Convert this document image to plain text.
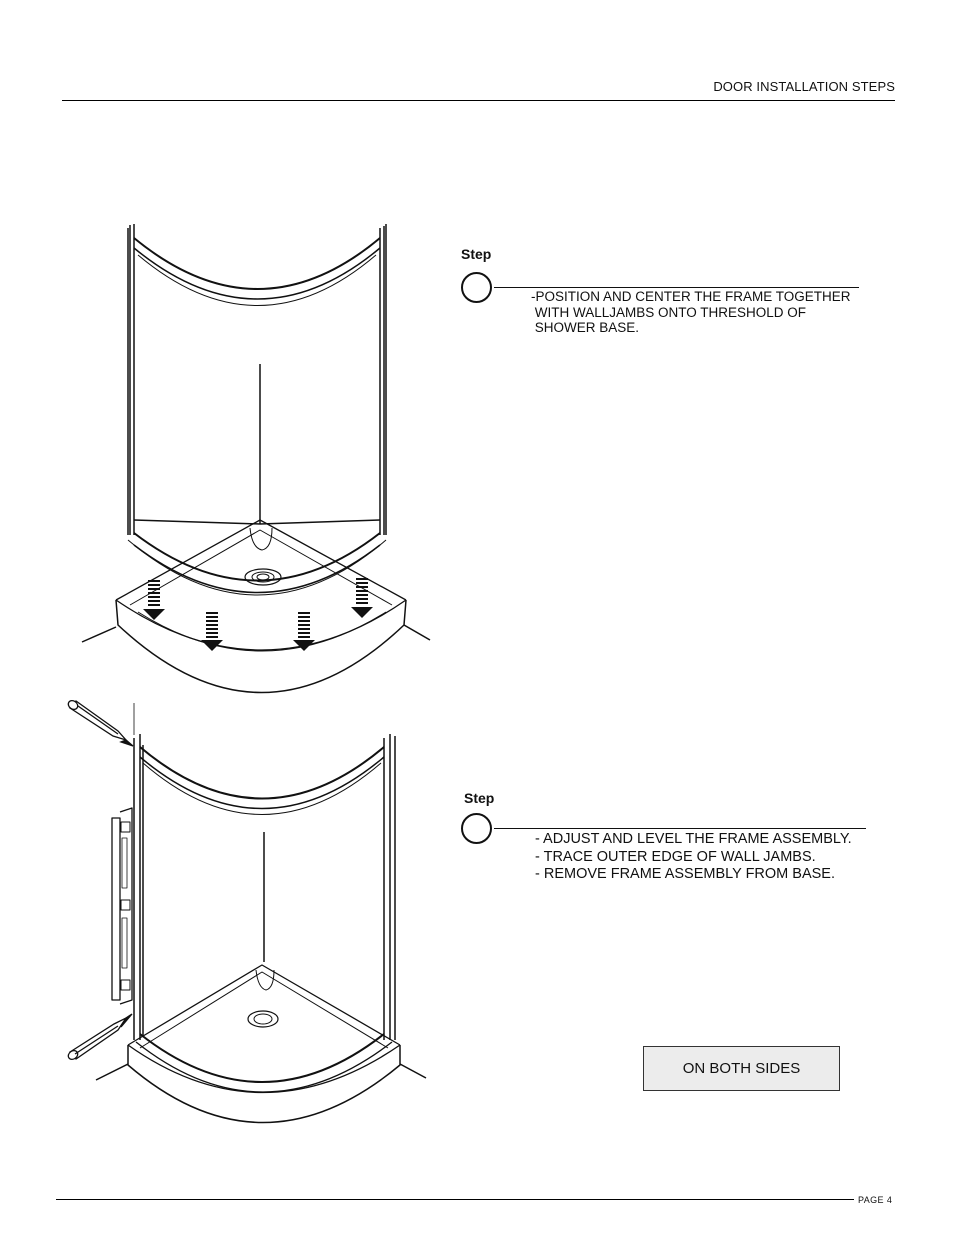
DOOR INSTALLATION STEPS
Step
-POSITION AND CENTER THE FRAME TOGETHER
WITH WALLJAMBS ONTO THRESHOLD OF
SHOWER BASE.
Step
- ADJUST AND LEVEL THE FRAME ASSEMBLY.
- TRACE OUTER EDGE OF WALL JAMBS.
- REMOVE FRAME ASSEMBLY FROM BASE.
ON BOTH SIDES
PAGE 4
